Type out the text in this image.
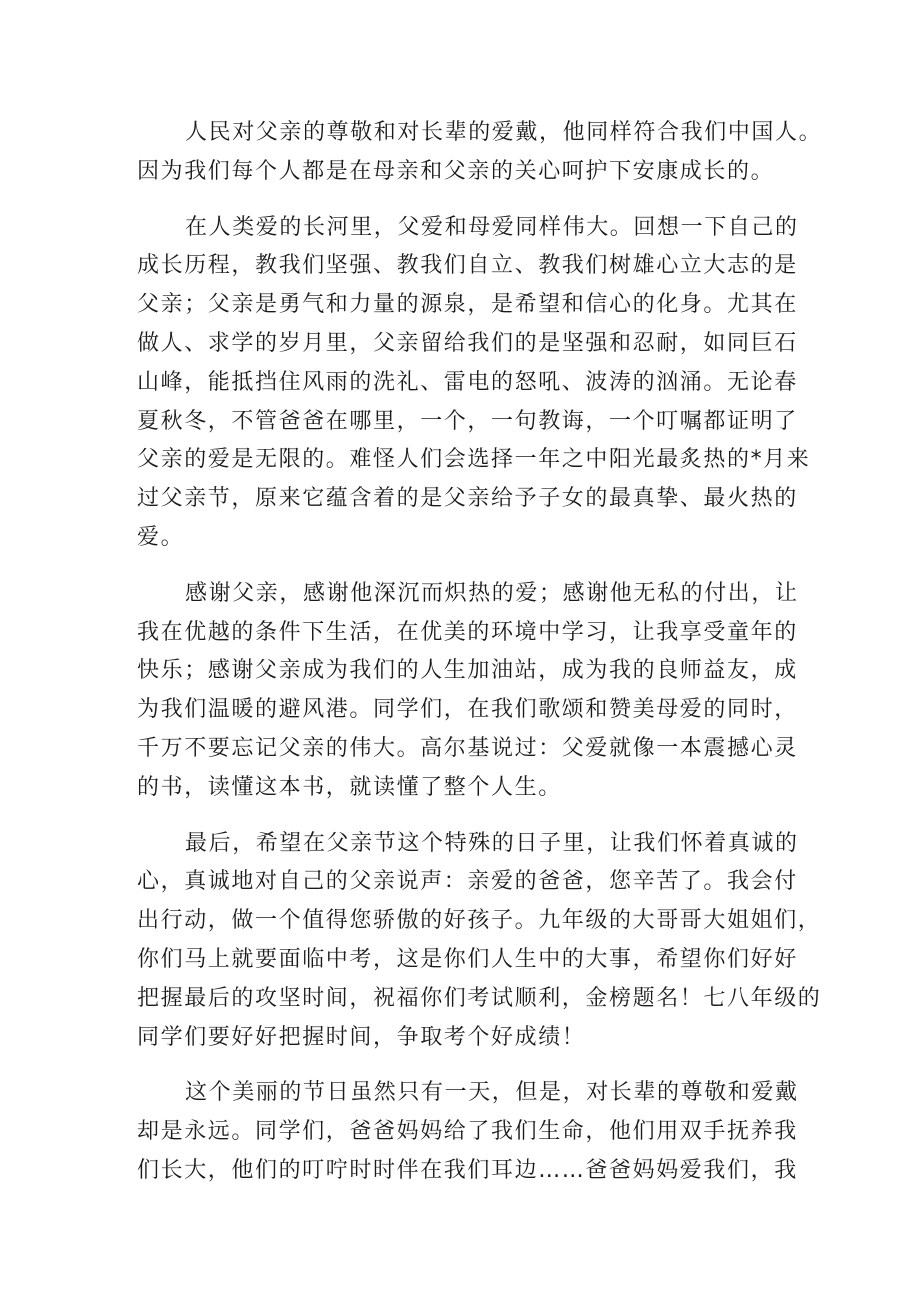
人民对父亲的尊敬和对长辈的爱戴，他同样符合我们中国人。
因为我们每个人都是在母亲和父亲的关心呵护下安康成长的。
在人类爱的长河里，父爱和母爱同样伟大。回想一下自己的
成长历程，教我们坚强、教我们自立、教我们树雄心立大志的是
父亲；父亲是勇气和力量的源泉，是希望和信心的化身。尤其在
做人、求学的岁月里，父亲留给我们的是坚强和忍耐，如同巨石
山峰，能抵挡住风雨的洗礼、雷电的怒吼、波涛的汹涌。无论春
夏秋冬，不管爸爸在哪里，一个，一句教诲，一个叮嘱都证明了
父亲的爱是无限的。难怪人们会选择一年之中阳光最炙热的*月来
过父亲节，原来它蕴含着的是父亲给予子女的最真挚、最火热的
爱。
感谢父亲，感谢他深沉而炽热的爱；感谢他无私的付出，让
我在优越的条件下生活，在优美的环境中学习，让我享受童年的
快乐；感谢父亲成为我们的人生加油站，成为我的良师益友，成
为我们温暖的避风港。同学们，在我们歌颂和赞美母爱的同时，
千万不要忘记父亲的伟大。高尔基说过：父爱就像一本震撼心灵
的书，读懂这本书，就读懂了整个人生。
最后，希望在父亲节这个特殊的日子里，让我们怀着真诚的
心，真诚地对自己的父亲说声：亲爱的爸爸，您辛苦了。我会付
出行动，做一个值得您骄傲的好孩子。九年级的大哥哥大姐姐们，
你们马上就要面临中考，这是你们人生中的大事，希望你们好好
把握最后的攻坚时间，祝福你们考试顺利，金榜题名！七八年级的
同学们要好好把握时间，争取考个好成绩！
这个美丽的节日虽然只有一天，但是，对长辈的尊敬和爱戴
却是永远。同学们，爸爸妈妈给了我们生命，他们用双手抚养我
们长大，他们的叮咛时时伴在我们耳边……爸爸妈妈爱我们，我
